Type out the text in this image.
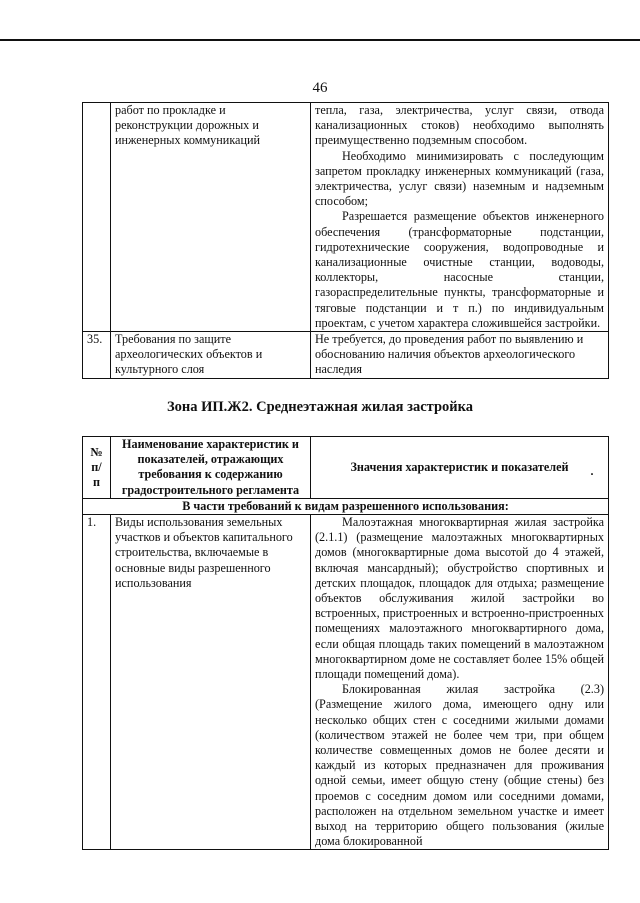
46
	работ по прокладке и реконструкции дорожных и инженерных коммуникаций	тепла, газа, электричества, услуг связи, отвода канализационных стоков) необходимо выполнять преимущественно подземным способом.
Необходимо минимизировать с последующим запретом прокладку инженерных коммуникаций (газа, электричества, услуг связи) наземным и надземным способом;
Разрешается размещение объектов инженерного обеспечения (трансформаторные подстанции, гидротехнические сооружения, водопроводные и канализационные очистные станции, водоводы, коллекторы, насосные станции, газораспределительные пункты, трансформаторные и тяговые подстанции и т п.) по индивидуальным проектам, с учетом характера сложившейся застройки.

35.	Требования по защите археологических объектов и культурного слоя	Не требуется, до проведения работ по выявлению и обоснованию наличия объектов археологического наследия
Зона ИП.Ж2. Среднеэтажная жилая застройка
№ п/ п	Наименование характеристик и показателей, отражающих требования к содержанию градостроительного регламента	Значения характеристик и показателей
·

В части требований к видам разрешенного использования:		
1.	Виды использования земельных участков и объектов капитального строительства, включаемые в основные виды разрешенного использования	Малоэтажная многоквартирная жилая застройка (2.1.1) (размещение малоэтажных многоквартирных домов (многоквартирные дома высотой до 4 этажей, включая мансардный); обустройство спортивных и детских площадок, площадок для отдыха; размещение объектов обслуживания жилой застройки во встроенных, пристроенных и встроенно-пристроенных помещениях малоэтажного многоквартирного дома, если общая площадь таких помещений в малоэтажном многоквартирном доме не составляет более 15% общей площади помещений дома).
Блокированная жилая застройка (2.3) (Размещение жилого дома, имеющего одну или несколько общих стен с соседними жилыми домами (количеством этажей не более чем три, при общем количестве совмещенных домов не более десяти и каждый из которых предназначен для проживания одной семьи, имеет общую стену (общие стены) без проемов с соседним домом или соседними домами, расположен на отдельном земельном участке и имеет выход на территорию общего пользования (жилые дома блокированной
